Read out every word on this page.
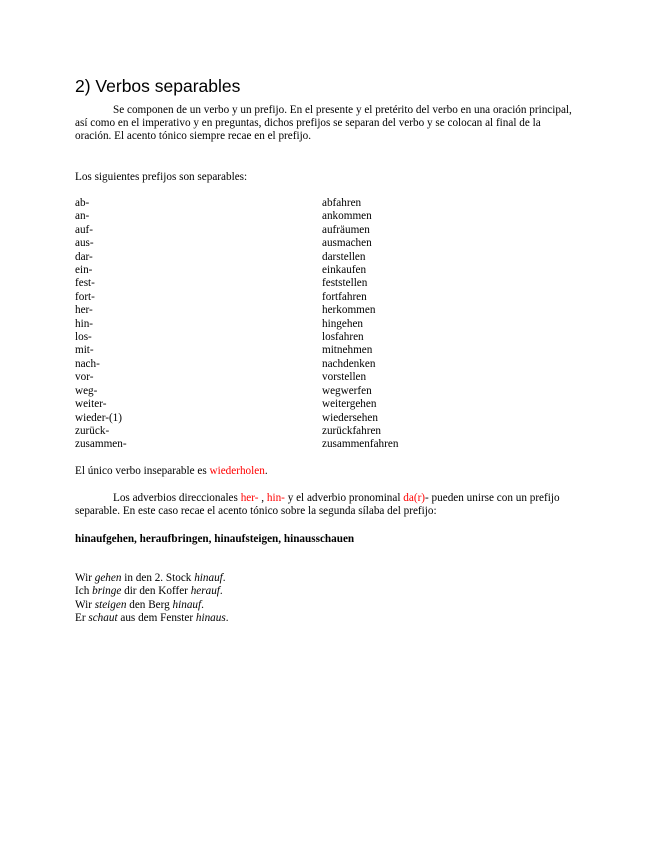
2) Verbos separables

Se componen de un verbo y un prefijo. En el presente y el pretérito del verbo en una oración principal, así como en el imperativo y en preguntas, dichos prefijos se separan del verbo y se colocan al final de la oración. El acento tónico siempre recae en el prefijo.

Los siguientes prefijos son separables:

ab-
an-
auf-
aus-
dar-
ein-
fest-
fort-
her-
hin-
los-
mit-
nach-
vor-
weg-
weiter-
wieder-(1)
zurück-
zusammen-
abfahren
ankommen
aufräumen
ausmachen
darstellen
einkaufen
feststellen
fortfahren
herkommen
hingehen
losfahren
mitnehmen
nachdenken
vorstellen
wegwerfen
weitergehen
wiedersehen
zurückfahren
zusammenfahren

El único verbo inseparable es wiederholen.

Los adverbios direccionales her- , hin- y el adverbio pronominal da(r)- pueden unirse con un prefijo separable. En este caso recae el acento tónico sobre la segunda sílaba del prefijo:

hinaufgehen, heraufbringen, hinaufsteigen, hinausschauen

Wir gehen in den 2. Stock hinauf.
Ich bringe dir den Koffer herauf.
Wir steigen den Berg hinauf.
Er schaut aus dem Fenster hinaus.
